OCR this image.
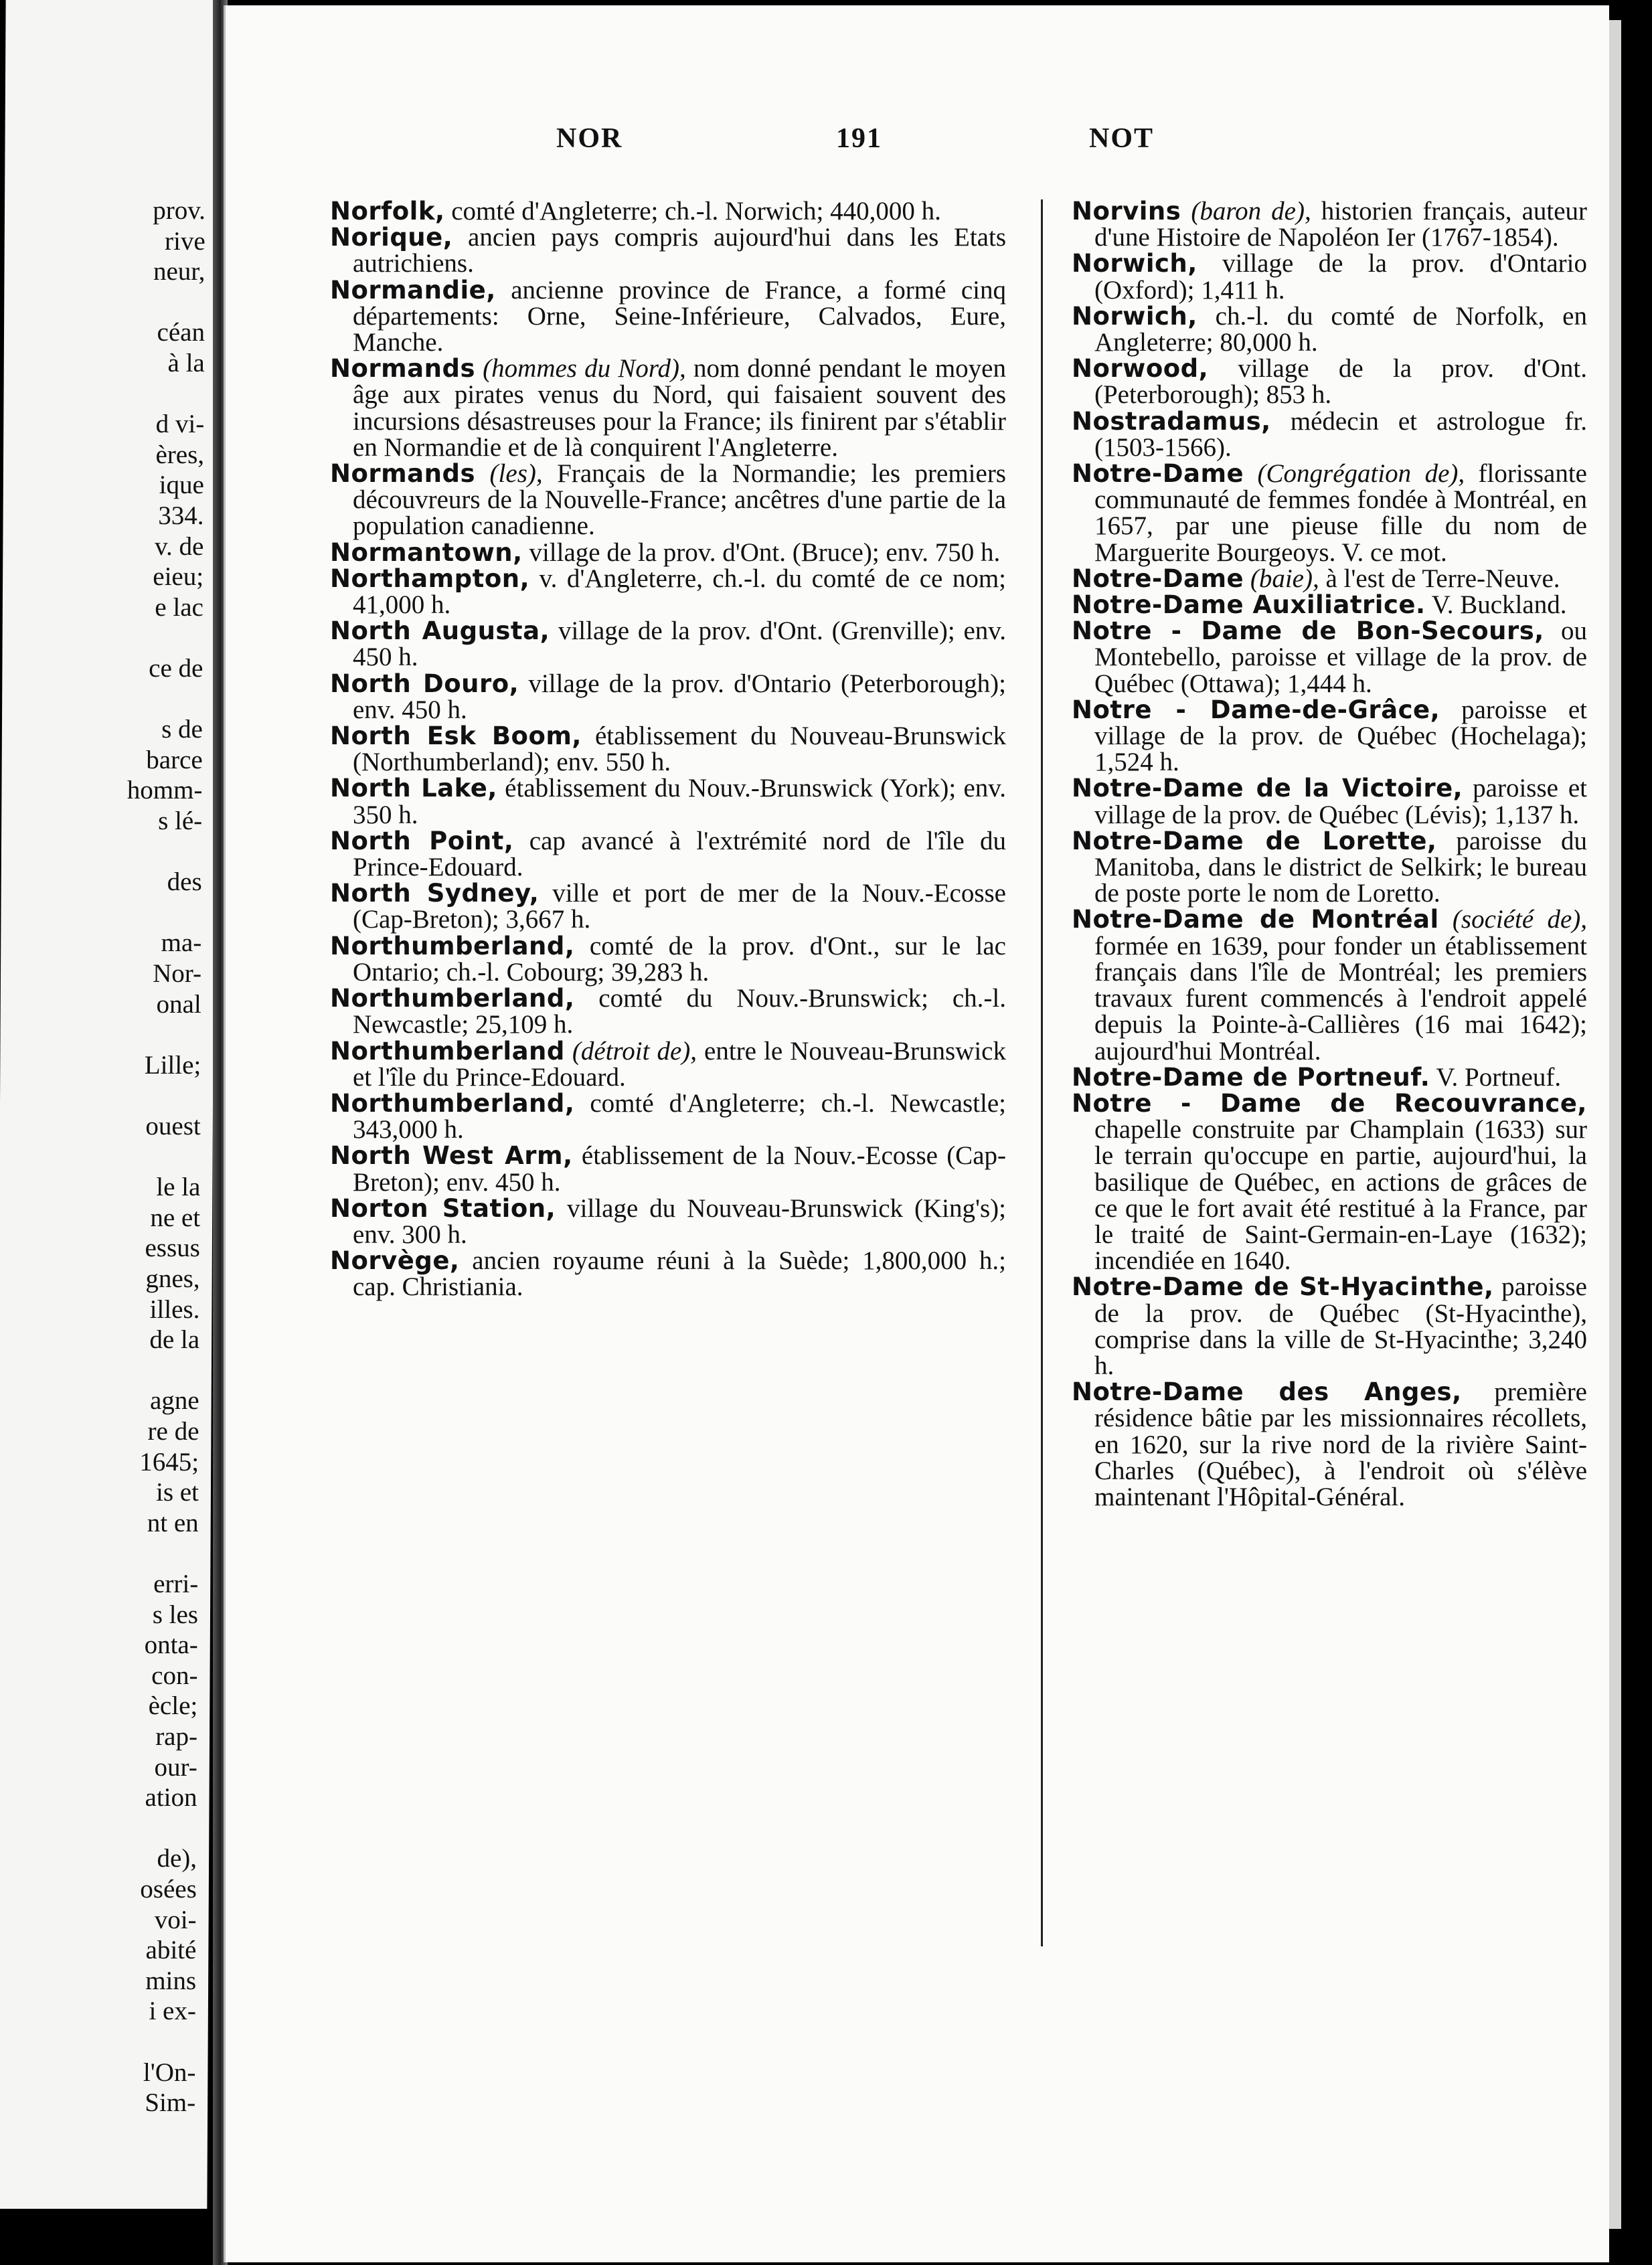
prov.
rive
neur,
céan
à la
d vi-
ères,
ique
334.
v. de
eieu;
e lac
ce de
s de
barce
homm-
s lé-
des
ma-
Nor-
onal
Lille;
ouest
le la
ne et
essus
gnes,
illes.
de la
agne
re de
1645;
is et
nt en
erri-
s les
onta-
con-
ècle;
rap-
our-
ation
de),
osées
voi-
abité
mins
i ex-
l'On-
Sim-
NOR	191	NOT
Norfolk, comté d'Angleterre; ch.-l. Norwich; 440,000 h.
Norique, ancien pays compris aujourd'hui dans les Etats autrichiens.
Normandie, ancienne province de France, a formé cinq départements: Orne, Seine-Inférieure, Calvados, Eure, Manche.
Normands (hommes du Nord), nom donné pendant le moyen âge aux pirates venus du Nord, qui faisaient souvent des incursions désastreuses pour la France; ils finirent par s'établir en Normandie et de là conquirent l'Angleterre.
Normands (les), Français de la Normandie; les premiers découvreurs de la Nouvelle-France; ancêtres d'une partie de la population canadienne.
Normantown, village de la prov. d'Ont. (Bruce); env. 750 h.
Northampton, v. d'Angleterre, ch.-l. du comté de ce nom; 41,000 h.
North Augusta, village de la prov. d'Ont. (Grenville); env. 450 h.
North Douro, village de la prov. d'Ontario (Peterborough); env. 450 h.
North Esk Boom, établissement du Nouveau-Brunswick (Northumberland); env. 550 h.
North Lake, établissement du Nouv.-Brunswick (York); env. 350 h.
North Point, cap avancé à l'extrémité nord de l'île du Prince-Edouard.
North Sydney, ville et port de mer de la Nouv.-Ecosse (Cap-Breton); 3,667 h.
Northumberland, comté de la prov. d'Ont., sur le lac Ontario; ch.-l. Cobourg; 39,283 h.
Northumberland, comté du Nouv.-Brunswick; ch.-l. Newcastle; 25,109 h.
Northumberland (détroit de), entre le Nouveau-Brunswick et l'île du Prince-Edouard.
Northumberland, comté d'Angleterre; ch.-l. Newcastle; 343,000 h.
North West Arm, établissement de la Nouv.-Ecosse (Cap-Breton); env. 450 h.
Norton Station, village du Nouveau-Brunswick (King's); env. 300 h.
Norvège, ancien royaume réuni à la Suède; 1,800,000 h.; cap. Christiania.
Norvins (baron de), historien français, auteur d'une Histoire de Napoléon Ier (1767-1854).
Norwich, village de la prov. d'Ontario (Oxford); 1,411 h.
Norwich, ch.-l. du comté de Norfolk, en Angleterre; 80,000 h.
Norwood, village de la prov. d'Ont. (Peterborough); 853 h.
Nostradamus, médecin et astrologue fr. (1503-1566).
Notre-Dame (Congrégation de), florissante communauté de femmes fondée à Montréal, en 1657, par une pieuse fille du nom de Marguerite Bourgeoys. V. ce mot.
Notre-Dame (baie), à l'est de Terre-Neuve.
Notre-Dame Auxiliatrice. V. Buckland.
Notre - Dame de Bon-Secours, ou Montebello, paroisse et village de la prov. de Québec (Ottawa); 1,444 h.
Notre - Dame-de-Grâce, paroisse et village de la prov. de Québec (Hochelaga); 1,524 h.
Notre-Dame de la Victoire, paroisse et village de la prov. de Québec (Lévis); 1,137 h.
Notre-Dame de Lorette, paroisse du Manitoba, dans le district de Selkirk; le bureau de poste porte le nom de Loretto.
Notre-Dame de Montréal (société de), formée en 1639, pour fonder un établissement français dans l'île de Montréal; les premiers travaux furent commencés à l'endroit appelé depuis la Pointe-à-Callières (16 mai 1642); aujourd'hui Montréal.
Notre-Dame de Portneuf. V. Portneuf.
Notre - Dame de Recouvrance, chapelle construite par Champlain (1633) sur le terrain qu'occupe en partie, aujourd'hui, la basilique de Québec, en actions de grâces de ce que le fort avait été restitué à la France, par le traité de Saint-Germain-en-Laye (1632); incendiée en 1640.
Notre-Dame de St-Hyacinthe, paroisse de la prov. de Québec (St-Hyacinthe), comprise dans la ville de St-Hyacinthe; 3,240 h.
Notre-Dame des Anges, première résidence bâtie par les missionnaires récollets, en 1620, sur la rive nord de la rivière Saint-Charles (Québec), à l'endroit où s'élève maintenant l'Hôpital-Général.
